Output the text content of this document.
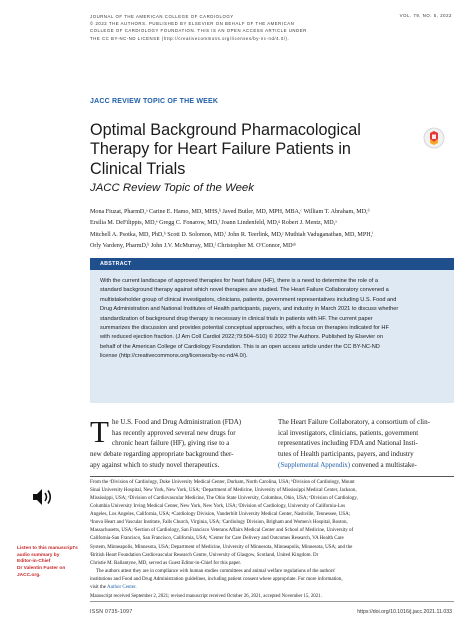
JOURNAL OF THE AMERICAN COLLEGE OF CARDIOLOGY
© 2022 THE AUTHORS. PUBLISHED BY ELSEVIER ON BEHALF OF THE AMERICAN
COLLEGE OF CARDIOLOGY FOUNDATION. THIS IS AN OPEN ACCESS ARTICLE UNDER
THE CC BY-NC-ND LICENSE (http://creativecommons.org/licenses/by-nc-nd/4.0/).
VOL. 79, NO. 5, 2022
JACC REVIEW TOPIC OF THE WEEK
Optimal Background Pharmacological
Therapy for Heart Failure Patients in
Clinical Trials
JACC Review Topic of the Week
Mona Fiuzat, PharmD,ᵃ Carine E. Hamo, MD, MHS,ᵇ Javed Butler, MD, MPH, MBA,ᶜ William T. Abraham, MD,ᵈ
Ersilia M. DeFilippis, MD,ᵉ Gregg C. Fonarow, MD,ᶠ Joann Lindenfeld, MD,ᵍ Robert J. Mentz, MD,ᵃ
Mitchell A. Psotka, MD, PhD,ʰ Scott D. Solomon, MD,ⁱ John R. Teerlink, MD,ʲ Muthiah Vaduganathan, MD, MPH,ⁱ
Orly Vardeny, PharmD,ᵏ John J.V. McMurray, MD,ˡ Christopher M. O'Connor, MDᵃʰ
ABSTRACT
With the current landscape of approved therapies for heart failure (HF), there is a need to determine the role of a
standard background therapy against which novel therapies are studied. The Heart Failure Collaboratory convened a
multistakeholder group of clinical investigators, clinicians, patients, government representatives including U.S. Food and
Drug Administration and National Institutes of Health participants, payers, and industry in March 2021 to discuss whether
standardization of background drug therapy is necessary in clinical trials in patients with HF. The current paper
summarizes the discussion and provides potential conceptual approaches, with a focus on therapies indicated for HF
with reduced ejection fraction. (J Am Coll Cardiol 2022;79:504–510) © 2022 The Authors. Published by Elsevier on
behalf of the American College of Cardiology Foundation. This is an open access article under the CC BY-NC-ND
license (http://creativecommons.org/licenses/by-nc-nd/4.0/).
T he U.S. Food and Drug Administration (FDA)
has recently approved several new drugs for
chronic heart failure (HF), giving rise to a
new debate regarding appropriate background ther-
apy against which to study novel therapeutics.
The Heart Failure Collaboratory, a consortium of clin-
ical investigators, clinicians, patients, government
representatives including FDA and National Insti-
tutes of Health participants, payers, and industry
(Supplemental Appendix) convened a multistake-
Listen to this manuscript's
audio summary by
Editor-in-Chief
Dr Valentin Fuster on
JACC.org.
From the ᵃDivision of Cardiology, Duke University Medical Center, Durham, North Carolina, USA; ᵇDivision of Cardiology, Mount
Sinai University Hospital, New York, New York, USA; ᶜDepartment of Medicine, University of Mississippi Medical Center, Jackson,
Mississippi, USA; ᵈDivision of Cardiovascular Medicine, The Ohio State University, Columbus, Ohio, USA; ᵉDivision of Cardiology,
Columbia University Irving Medical Center, New York, New York, USA; ᶠDivision of Cardiology, University of California-Los
Angeles, Los Angeles, California, USA; ᵍCardiology Division, Vanderbilt University Medical Center, Nashville, Tennessee, USA;
ʰInova Heart and Vascular Institute, Falls Church, Virginia, USA; ⁱCardiology Division, Brigham and Women's Hospital, Boston,
Massachusetts, USA; ʲSection of Cardiology, San Francisco Veterans Affairs Medical Center and School of Medicine, University of
California-San Francisco, San Francisco, California, USA; ᵏCenter for Care Delivery and Outcomes Research, VA Health Care
System, Minneapolis, Minnesota, USA; Department of Medicine, University of Minnesota, Minneapolis, Minnesota, USA; and the
ˡBritish Heart Foundation Cardiovascular Research Centre, University of Glasgow, Scotland, United Kingdom. Dr
Christie M. Ballantyne, MD, served as Guest Editor-in-Chief for this paper.
The authors attest they are in compliance with human studies committees and animal welfare regulations of the authors'
institutions and Food and Drug Administration guidelines, including patient consent where appropriate. For more information,
visit the Author Center.
Manuscript received September 2, 2021; revised manuscript received October 26, 2021, accepted November 15, 2021.
ISSN 0735-1097	https://doi.org/10.1016/j.jacc.2021.11.033
